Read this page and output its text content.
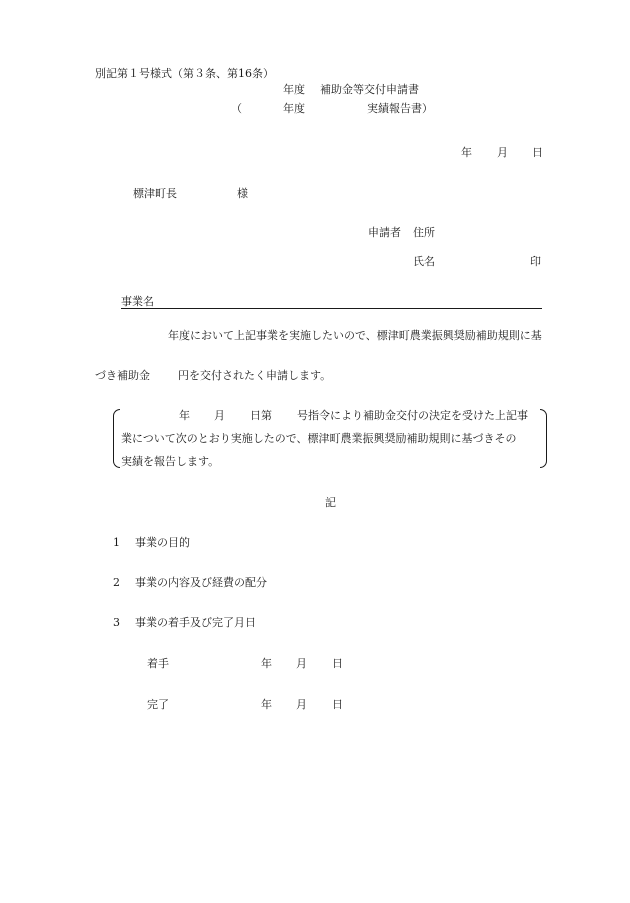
別記第１号様式（第３条、第16条）
年度 補助金等交付申請書
（	年度	実績報告書）
年 月 日
標津町長	様
申請者 住所
氏名	印
事業名
年度において上記事業を実施したいので、標津町農業振興奨励補助規則に基
づき補助金	円を交付されたく申請します。
年 月 日第 号指令により補助金交付の決定を受けた上記事
業について次のとおり実施したので、標津町農業振興奨励補助規則に基づきその
実績を報告します。
記
1 事業の目的
2 事業の内容及び経費の配分
3 事業の着手及び完了月日
着手	年 月 日
完了	年 月 日
